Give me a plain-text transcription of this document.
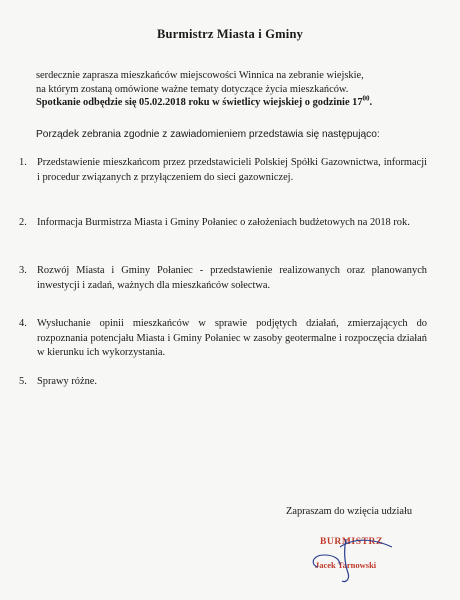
Burmistrz Miasta i Gminy
serdecznie zaprasza mieszkańców miejscowości Winnica na zebranie wiejskie,
na którym zostaną omówione ważne tematy dotyczące życia mieszkańców.
Spotkanie odbędzie się 05.02.2018 roku w świetlicy wiejskiej o godzinie $17^{00}$.
Porządek zebrania zgodnie z zawiadomieniem przedstawia się następująco:
1. Przedstawienie mieszkańcom przez przedstawicieli Polskiej Spółki Gazownictwa, informacji i procedur związanych z przyłączeniem do sieci gazowniczej.
2. Informacja Burmistrza Miasta i Gminy Połaniec o założeniach budżetowych na 2018 rok.
3. Rozwój Miasta i Gminy Połaniec - przedstawienie realizowanych oraz planowanych inwestycji i zadań, ważnych dla mieszkańców sołectwa.
4. Wysłuchanie opinii mieszkańców w sprawie podjętych działań, zmierzających do rozpoznania potencjału Miasta i Gminy Połaniec w zasoby geotermalne i rozpoczęcia działań w kierunku ich wykorzystania.
5. Sprawy różne.
Zapraszam do wzięcia udziału
BURMISTRZ
Jacek Tarnowski
